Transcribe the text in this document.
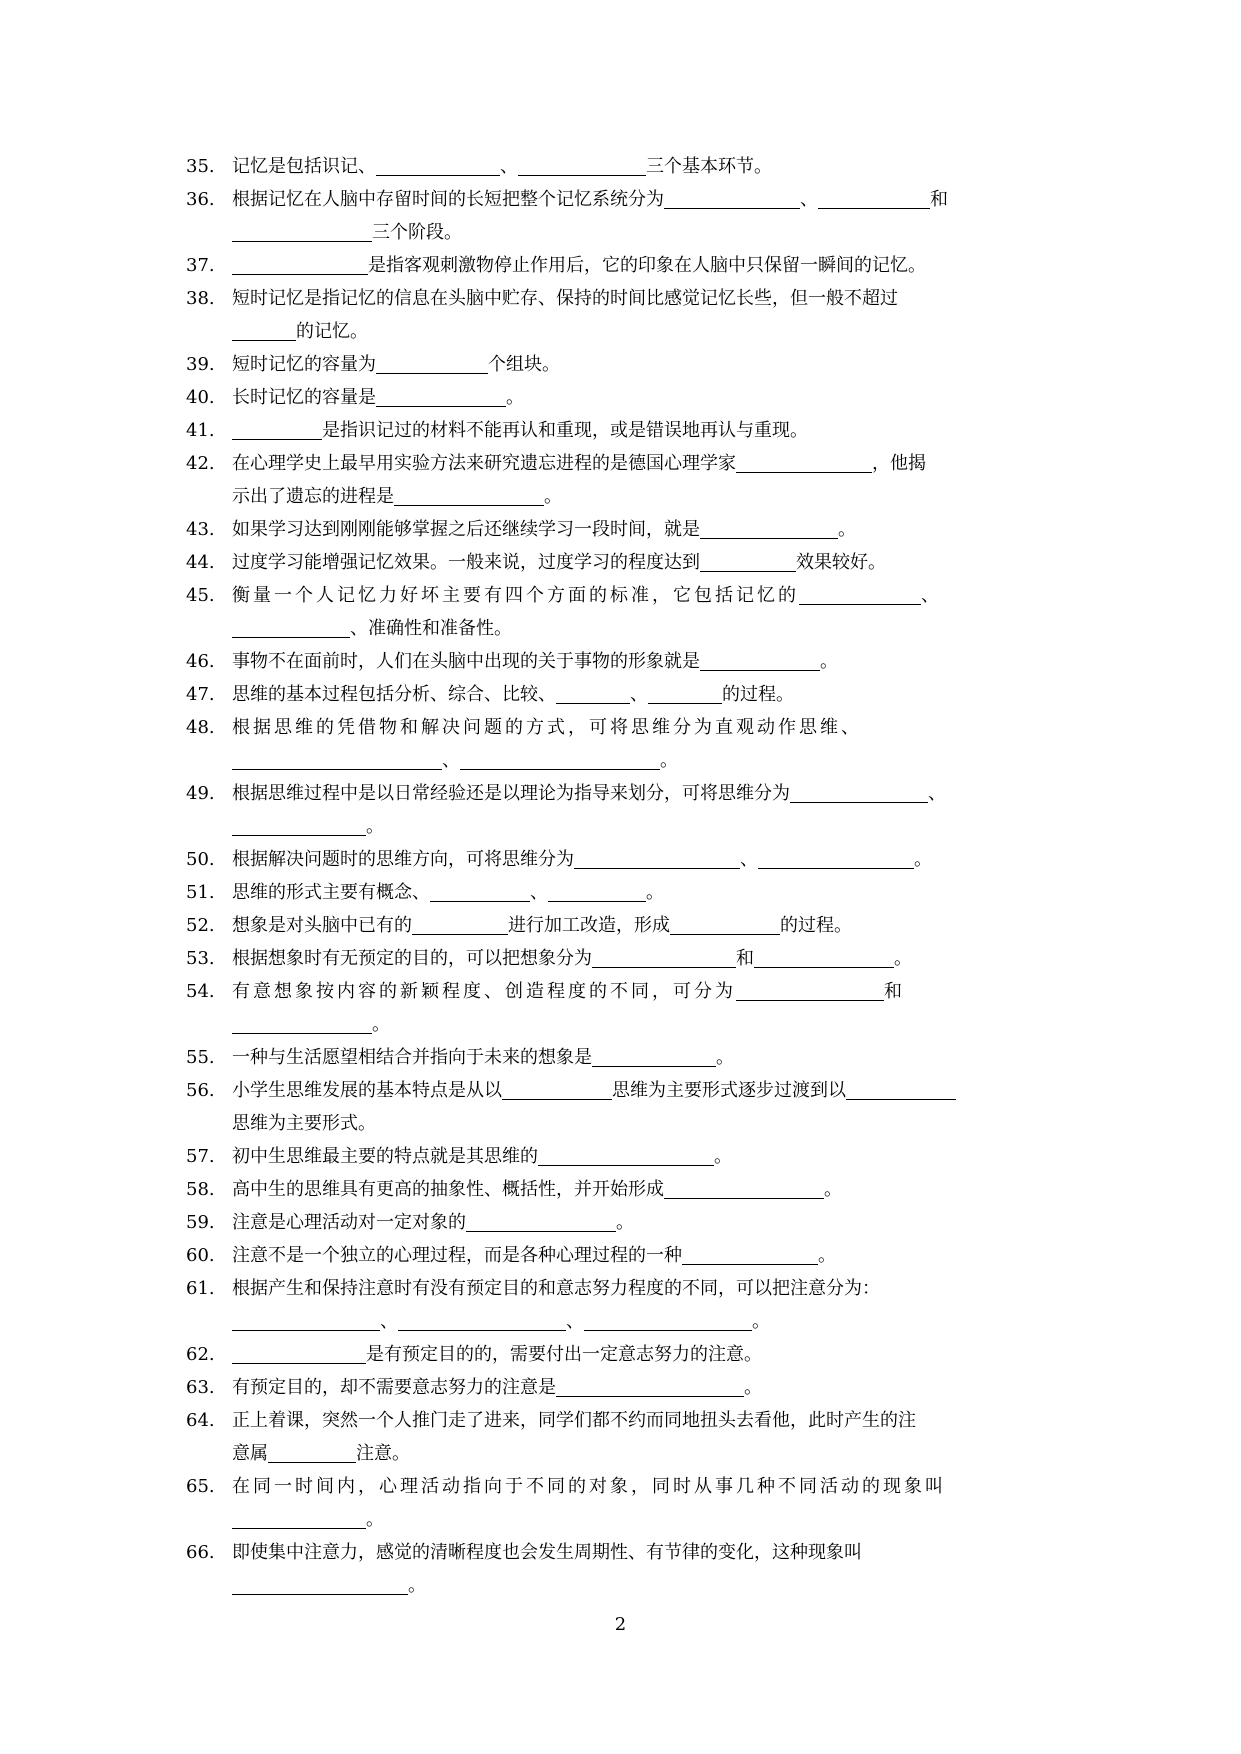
35. 记忆是包括识记、	、	三个基本环节。
36. 根据记忆在人脑中存留时间的长短把整个记忆系统分为	、	和
三个阶段。
37.	是指客观刺激物停止作用后，它的印象在人脑中只保留一瞬间的记忆。
38. 短时记忆是指记忆的信息在头脑中贮存、保持的时间比感觉记忆长些，但一般不超过
的记忆。
39. 短时记忆的容量为	个组块。
40. 长时记忆的容量是	。
41.	是指识记过的材料不能再认和重现，或是错误地再认与重现。
42. 在心理学史上最早用实验方法来研究遗忘进程的是德国心理学家	，他揭
示出了遗忘的进程是	。
43. 如果学习达到刚刚能够掌握之后还继续学习一段时间，就是	。
44. 过度学习能增强记忆效果。一般来说，过度学习的程度达到	效果较好。
45. 衡量一个人记忆力好坏主要有四个方面的标准，它包括记忆的	、
、准确性和准备性。
46. 事物不在面前时，人们在头脑中出现的关于事物的形象就是	。
47. 思维的基本过程包括分析、综合、比较、	、	的过程。
48. 根据思维的凭借物和解决问题的方式，可将思维分为直观动作思维、
、	。
49. 根据思维过程中是以日常经验还是以理论为指导来划分，可将思维分为	、
。
50. 根据解决问题时的思维方向，可将思维分为	、	。
51. 思维的形式主要有概念、	、	。
52. 想象是对头脑中已有的	进行加工改造，形成	的过程。
53. 根据想象时有无预定的目的，可以把想象分为	和	。
54. 有意想象按内容的新颖程度、创造程度的不同，可分为	和
。
55. 一种与生活愿望相结合并指向于未来的想象是	。
56. 小学生思维发展的基本特点是从以	思维为主要形式逐步过渡到以
思维为主要形式。
57. 初中生思维最主要的特点就是其思维的	。
58. 高中生的思维具有更高的抽象性、概括性，并开始形成	。
59. 注意是心理活动对一定对象的	。
60. 注意不是一个独立的心理过程，而是各种心理过程的一种	。
61. 根据产生和保持注意时有没有预定目的和意志努力程度的不同，可以把注意分为：
、	、	。
62.	是有预定目的的，需要付出一定意志努力的注意。
63. 有预定目的，却不需要意志努力的注意是	。
64. 正上着课，突然一个人推门走了进来，同学们都不约而同地扭头去看他，此时产生的注
意属	注意。
65. 在同一时间内，心理活动指向于不同的对象，同时从事几种不同活动的现象叫
。
66. 即使集中注意力，感觉的清晰程度也会发生周期性、有节律的变化，这种现象叫
。
2
